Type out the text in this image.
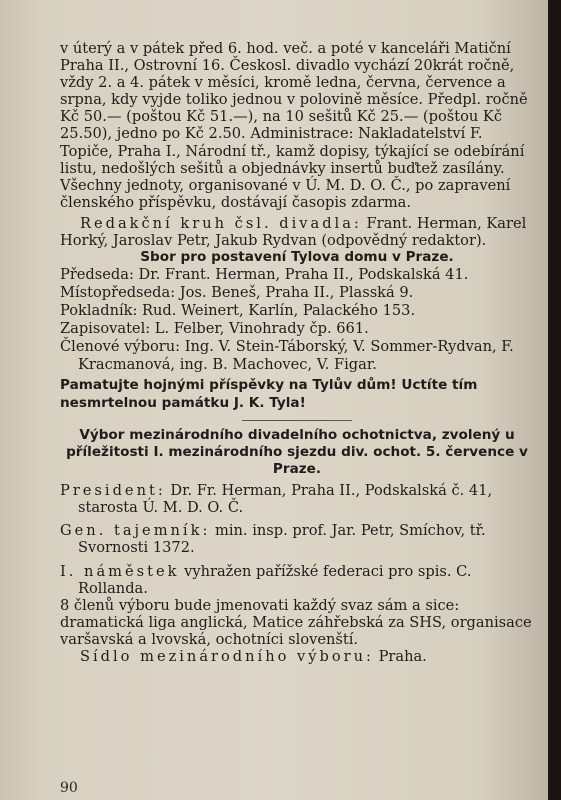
v úterý a v pátek před 6. hod. več. a poté v kanceláři Matiční Praha II., Ostrovní 16. Českosl. divadlo vychází 20krát ročně, vždy 2. a 4. pátek v měsíci, kromě ledna, června, července a srpna, kdy vyjde toliko jednou v polovině měsíce. Předpl. ročně Kč 50.— (poštou Kč 51.—), na 10 sešitů Kč 25.— (poštou Kč 25.50), jedno po Kč 2.50. Administrace: Nakladatelství F. Topiče, Praha I., Národní tř., kamž dopisy, týkající se odebírání listu, nedošlých sešitů a objednávky insertů buďtež zasílány. Všechny jednoty, organisované v Ú. M. D. O. Č., po zapravení členského příspěvku, dostávají časopis zdarma.

Redakční kruh čsl. divadla: Frant. Herman, Karel Horký, Jaroslav Petr, Jakub Rydvan (odpovědný redaktor).

Sbor pro postavení Tylova domu v Praze.

Předseda: Dr. Frant. Herman, Praha II., Podskalská 41.

Místopředseda: Jos. Beneš, Praha II., Plasská 9.

Pokladník: Rud. Weinert, Karlín, Palackého 153.

Zapisovatel: L. Felber, Vinohrady čp. 661.

Členové výboru: Ing. V. Stein-Táborský, V. Sommer-Rydvan, F. Kracmanová, ing. B. Machovec, V. Figar.

Pamatujte hojnými příspěvky na Tylův dům! Uctíte tím nesmrtelnou památku J. K. Tyla!

Výbor mezinárodního divadelního ochotnictva, zvolený u příležitosti I. mezinárodního sjezdu div. ochot. 5. července v Praze.

President: Dr. Fr. Herman, Praha II., Podskalská č. 41, starosta Ú. M. D. O. Č.

Gen. tajemník: min. insp. prof. Jar. Petr, Smíchov, tř. Svornosti 1372.

I. náměstek vyhražen pařížské federaci pro spis. C. Rollanda.

8 členů výboru bude jmenovati každý svaz sám a sice: dramatická liga anglická, Matice záhřebská za SHS, organisace varšavská a lvovská, ochotníci slovenští.

Sídlo mezinárodního výboru: Praha.

90
